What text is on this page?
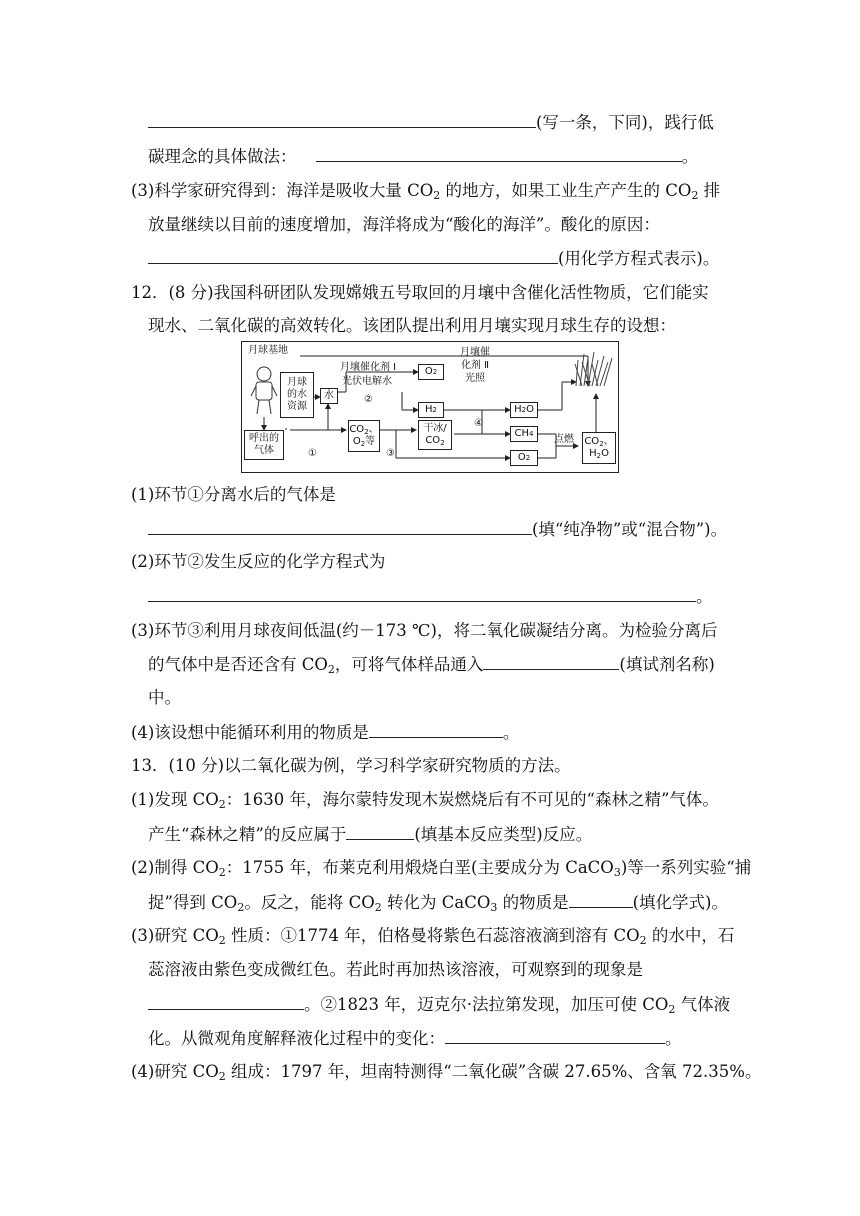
(写一条，下同)，践行低
碳理念的具体做法：	。
(3)科学家研究得到：海洋是吸收大量 $CO_2$ 的地方，如果工业生产产生的 $CO_2$ 排
放量继续以目前的速度增加，海洋将成为“酸化的海洋”。酸化的原因：
(用化学方程式表示)。
12．(8 分)我国科研团队发现嫦娥五号取回的月壤中含催化活性物质，它们能实
现水、二氧化碳的高效转化。该团队提出利用月壤实现月球生存的设想：
月球基地
月球
的水
资源
水
月壤催化剂 Ⅰ
光伏电解水
②
O 2
H 2
月壤催
化剂 Ⅱ
光照
④
H 2 O
CH 4
O 2
点燃 $CO_2$、
$H_2O$
呼出的
气体	①
$CO_2$、
$O_2$等
③
干冰/
$CO_2$
(1)环节①分离水后的气体是
(填“纯净物”或“混合物”)。
(2)环节②发生反应的化学方程式为
。
(3)环节③利用月球夜间低温(约－173 ℃)，将二氧化碳凝结分离。为检验分离后
的气体中是否还含有 $CO_2$，可将气体样品通入	(填试剂名称)
中。
(4)该设想中能循环利用的物质是	。
13．(10 分)以二氧化碳为例，学习科学家研究物质的方法。
(1)发现 $CO_2$：1630 年，海尔蒙特发现木炭燃烧后有不可见的“森林之精”气体。
产生“森林之精”的反应属于	(填基本反应类型)反应。
(2)制得 $CO_2$：1755 年，布莱克利用煅烧白垩(主要成分为 CaCO$_3$)等一系列实验“捕
捉”得到 $CO_2$。反之，能将 $CO_2$ 转化为 CaCO$_3$ 的物质是	(填化学式)。
(3)研究 $CO_2$ 性质：①1774 年，伯格曼将紫色石蕊溶液滴到溶有 $CO_2$ 的水中，石
蕊溶液由紫色变成微红色。若此时再加热该溶液，可观察到的现象是
。②1823 年，迈克尔·法拉第发现，加压可使 $CO_2$ 气体液
化。从微观角度解释液化过程中的变化：	。
(4)研究 $CO_2$ 组成：1797 年，坦南特测得“二氧化碳”含碳 27.65%、含氧 72.35%。
